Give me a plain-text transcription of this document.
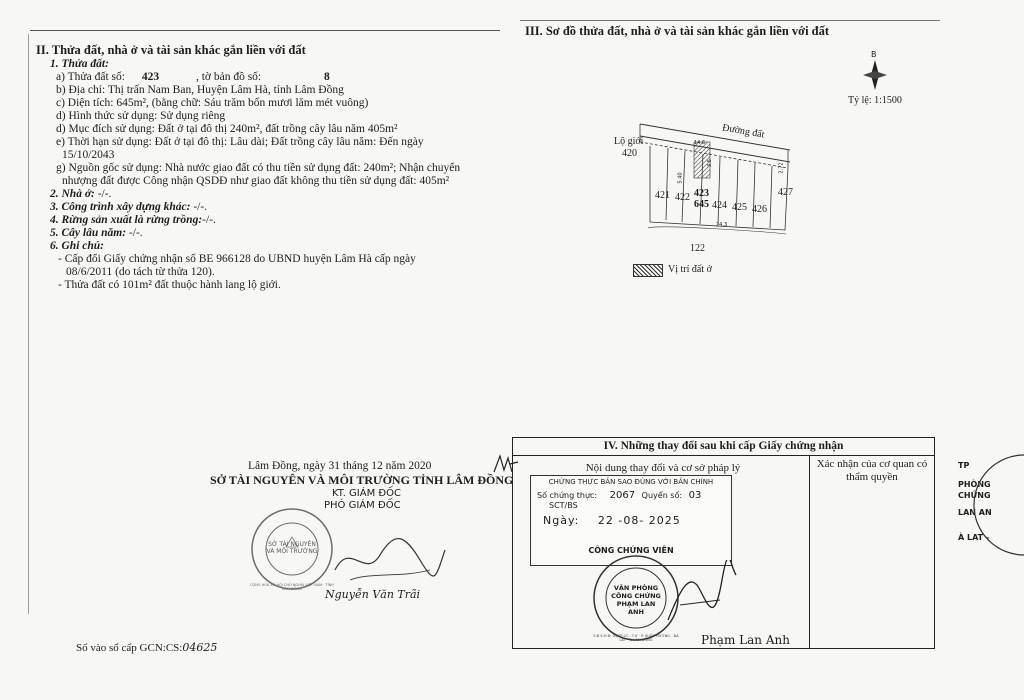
II. Thửa đất, nhà ở và tài sản khác gắn liền với đất
1. Thửa đất:
a) Thửa đất số: 423	, tờ bản đồ số:	8
b) Địa chỉ: Thị trấn Nam Ban, Huyện Lâm Hà, tỉnh Lâm Đồng
c) Diện tích: 645m², (bằng chữ: Sáu trăm bốn mươi lăm mét vuông)
d) Hình thức sử dụng: Sử dụng riêng
d) Mục đích sử dụng: Đất ở tại đô thị 240m², đất trồng cây lâu năm 405m²
e) Thời hạn sử dụng: Đất ở tại đô thị: Lâu dài; Đất trồng cây lâu năm: Đến ngày
15/10/2043
g) Nguồn gốc sử dụng: Nhà nước giao đất có thu tiền sử dụng đất: 240m²; Nhận chuyển
nhượng đất được Công nhận QSDĐ như giao đất không thu tiền sử dụng đất: 405m²
2. Nhà ở: -/-.
3. Công trình xây dựng khác: -/-.
4. Rừng sản xuất là rừng trồng:-/-.
5. Cây lâu năm: -/-.
6. Ghi chú:
- Cấp đổi Giấy chứng nhận số BE 966128 do UBND huyện Lâm Hà cấp ngày
08/6/2011 (do tách từ thửa 120).
- Thửa đất có 101m² đất thuộc hành lang lộ giới.
Lâm Đồng, ngày 31 tháng 12 năm 2020
SỞ TÀI NGUYÊN VÀ MÔI TRƯỜNG TỈNH LÂM ĐỒNG
KT. GIÁM ĐỐC
PHÓ GIÁM ĐỐC
Nguyễn Văn Trãi
SỞ TÀI NGUYÊN VÀ MÔI TRƯỜNG
CỘNG HÒA XÃ HỘI CHỦ NGHĨA VIỆT NAM · TỈNH LÂM ĐỒNG
Số vào sổ cấp GCN:CS:04625
III. Sơ đồ thửa đất, nhà ở và tài sản khác gắn liền với đất
B
Tỷ lệ: 1:1500
Đường đất
Lộ giới
420
421 422 423
645 424 425 426
427
122
5.40
14.6
3.5
24.3
2.72
Vị trí đất ở
IV. Những thay đổi sau khi cấp Giấy chứng nhận
Nội dung thay đổi và cơ sở pháp lý	Xác nhận của cơ quan có thẩm quyền
CHỨNG THỰC BẢN SAO ĐÚNG VỚI BẢN CHÍNH
Số chứng thực: 2067 Quyển số: 03 SCT/BS
Ngày: 22 -08- 2025
CÔNG CHỨNG VIÊN
VĂN PHÒNG CÔNG CHỨNG PHẠM LAN ANH
S.Đ.K.H.Đ: 04/TP-CC · T.Ư · P. XUÂN HƯƠNG - ĐÀ LẠT · T. LÂM ĐỒNG	Phạm Lan Anh
TP
PHÒNG
CHỨNG
LAN AN
À LAT -
